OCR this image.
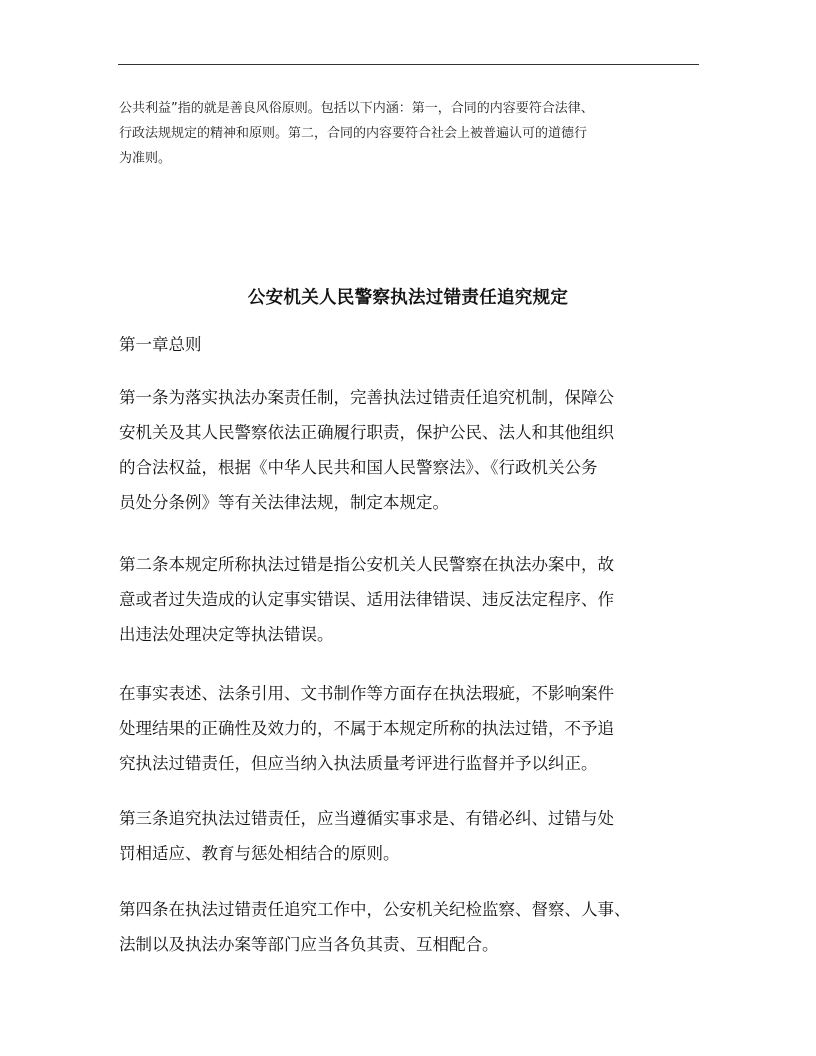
公共利益”指的就是善良风俗原则。包括以下内涵：第一，合同的内容要符合法律、
行政法规规定的精神和原则。第二，合同的内容要符合社会上被普遍认可的道德行
为准则。
公安机关人民警察执法过错责任追究规定
第一章总则
第一条为落实执法办案责任制，完善执法过错责任追究机制，保障公
安机关及其人民警察依法正确履行职责，保护公民、法人和其他组织
的合法权益，根据《中华人民共和国人民警察法》、《行政机关公务
员处分条例》等有关法律法规，制定本规定。
第二条本规定所称执法过错是指公安机关人民警察在执法办案中，故
意或者过失造成的认定事实错误、适用法律错误、违反法定程序、作
出违法处理决定等执法错误。
在事实表述、法条引用、文书制作等方面存在执法瑕疵，不影响案件
处理结果的正确性及效力的，不属于本规定所称的执法过错，不予追
究执法过错责任，但应当纳入执法质量考评进行监督并予以纠正。
第三条追究执法过错责任，应当遵循实事求是、有错必纠、过错与处
罚相适应、教育与惩处相结合的原则。
第四条在执法过错责任追究工作中，公安机关纪检监察、督察、人事、
法制以及执法办案等部门应当各负其责、互相配合。
